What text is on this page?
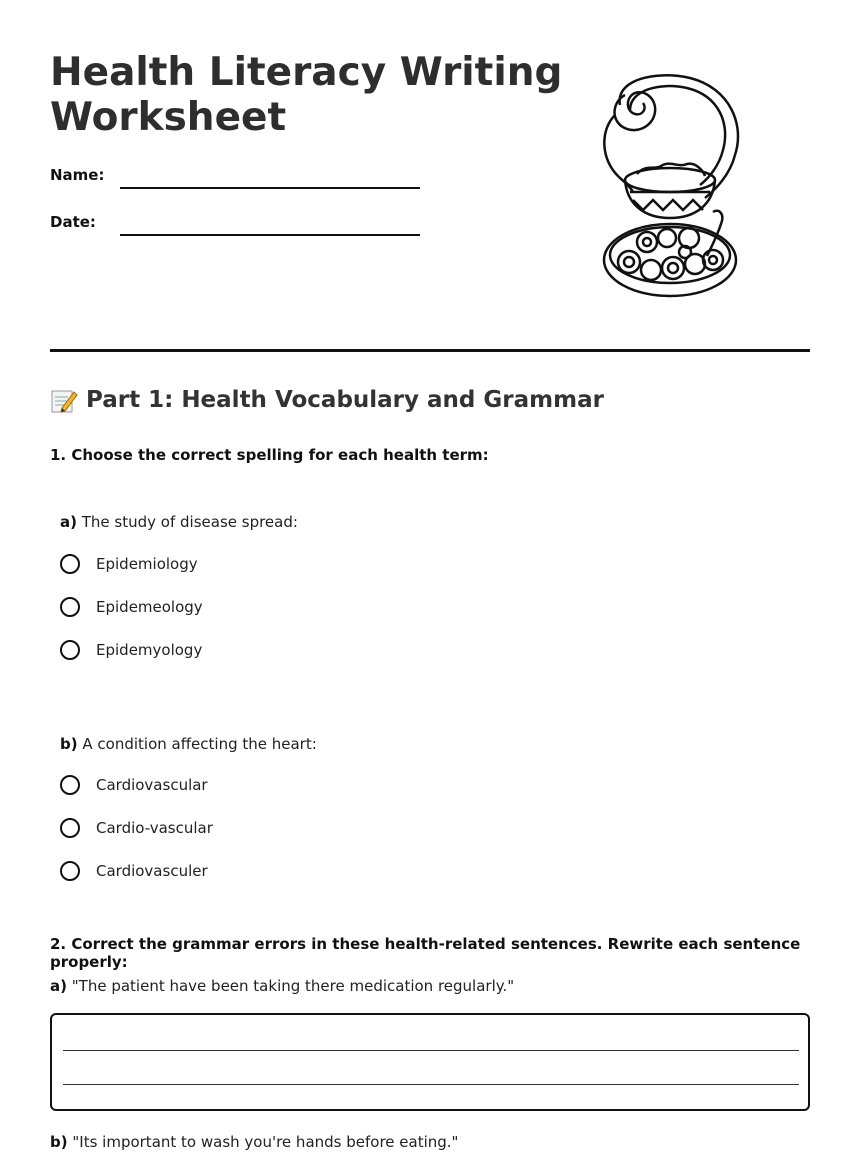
Health Literacy Writing Worksheet
Name:
Date:
Part 1: Health Vocabulary and Grammar
1. Choose the correct spelling for each health term:
a) The study of disease spread:
Epidemiology
Epidemeology
Epidemyology
b) A condition affecting the heart:
Cardiovascular
Cardio-vascular
Cardiovasculer
2. Correct the grammar errors in these health-related sentences. Rewrite each sentence properly:
a) "The patient have been taking there medication regularly."
b) "Its important to wash you're hands before eating."
